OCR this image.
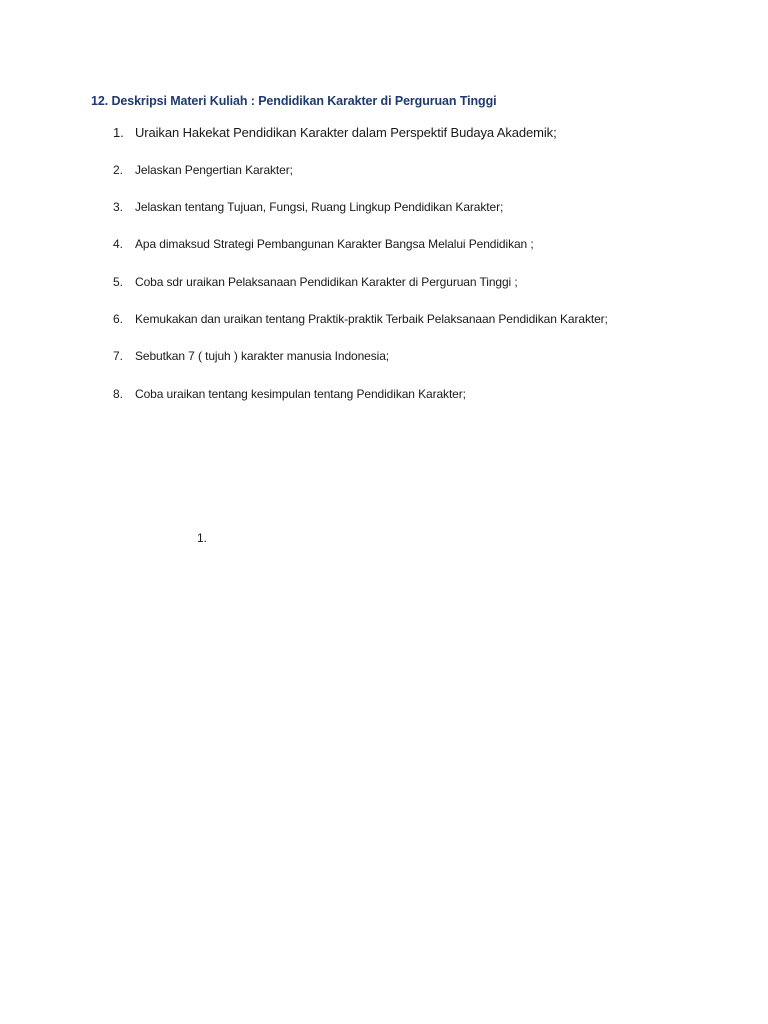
12. Deskripsi Materi Kuliah : Pendidikan Karakter di Perguruan Tinggi
1. Uraikan Hakekat Pendidikan Karakter dalam Perspektif Budaya Akademik;
2. Jelaskan Pengertian Karakter;
3. Jelaskan tentang Tujuan, Fungsi, Ruang Lingkup Pendidikan Karakter;
4. Apa dimaksud Strategi Pembangunan Karakter Bangsa Melalui Pendidikan ;
5. Coba sdr uraikan Pelaksanaan Pendidikan Karakter di Perguruan Tinggi ;
6. Kemukakan dan uraikan tentang Praktik-praktik Terbaik Pelaksanaan Pendidikan Karakter;
7. Sebutkan 7 ( tujuh ) karakter manusia Indonesia;
8. Coba uraikan tentang kesimpulan tentang Pendidikan Karakter;
1.
